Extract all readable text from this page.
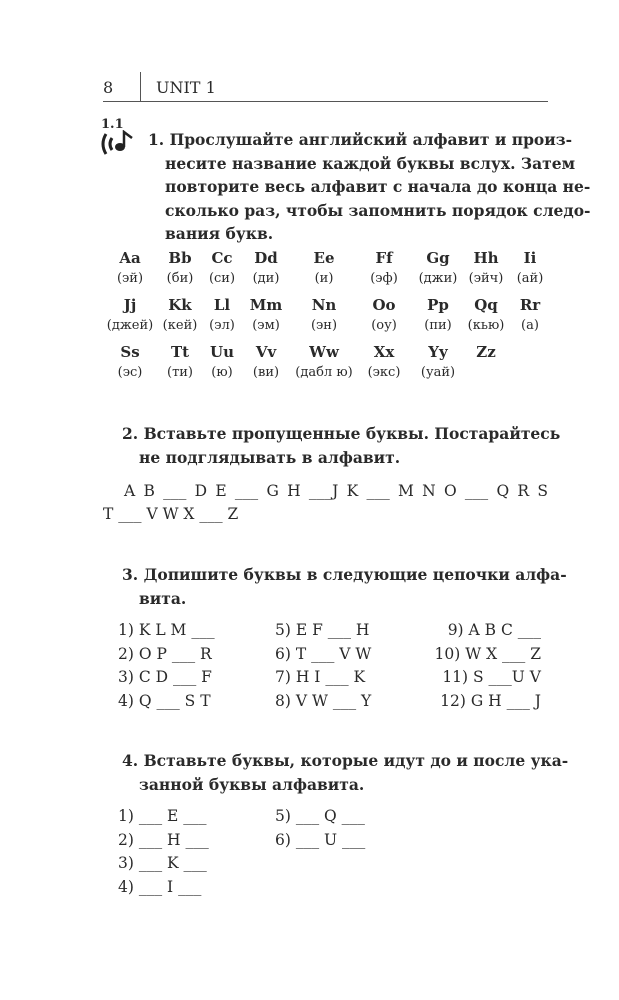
8	UNIT 1
1.1
1. Прослушайте английский алфавит и произ-
несите название каждой буквы вслух. Затем
повторите весь алфавит с начала до конца не-
сколько раз, чтобы запомнить порядок следо-
вания букв.
Aa
(эй)
Bb
(би)
Cc
(си)
Dd
(ди)
Ee
(и)
Ff
(эф)
Gg
(джи)
Hh
(эйч)
Ii
(ай)
Jj
(джей)
Kk
(кей)
Ll
(эл)
Mm
(эм)
Nn
(эн)
Oo
(оу)
Pp
(пи)
Qq
(кью)
Rr
(а)
Ss
(эс)
Tt
(ти)
Uu
(ю)
Vv
(ви)
Ww
(дабл ю)
Xx
(экс)
Yy
(уай)
Zz
2. Вставьте пропущенные буквы. Постарайтесь
не подглядывать в алфавит.
A B ___ D E ___ G H ___J K ___ M N O ___ Q R S
T ___ V W X ___ Z
3. Допишите буквы в следующие цепочки алфа-
вита.
1) K L M ___
2) O P ___ R
3) C D ___ F
4) Q ___ S T
5) E F ___ H
6) T ___ V W
7) H I ___ K
8) V W ___ Y
9) A B C ___
10) W X ___ Z
11) S ___U V
12) G H ___ J
4. Вставьте буквы, которые идут до и после ука-
занной буквы алфавита.
1) ___ E ___
2) ___ H ___
3) ___ K ___
4) ___ I ___
5) ___ Q ___
6) ___ U ___
